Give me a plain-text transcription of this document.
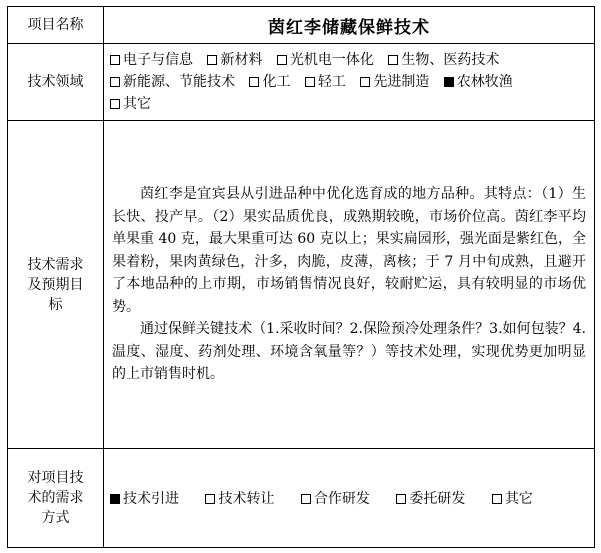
项目名称	茵红李储藏保鲜技术
技术领域	电子与信息 新材料 光机电一体化 生物、医药技术
新能源、节能技术 化工 轻工 先进制造 农林牧渔
其它
技术需求及预期目标	茵红李是宜宾县从引进品种中优化选育成的地方品种。其特点：（1）生长快、投产早。（2）果实品质优良，成熟期较晚，市场价位高。茵红李平均单果重 40 克，最大果重可达 60 克以上；果实扁园形，强光面是紫红色，全果着粉，果肉黄绿色，汁多，肉脆，皮薄，离核；于 7 月中旬成熟，且避开了本地品种的上市期，市场销售情况良好，较耐贮运，具有较明显的市场优势。

通过保鲜关键技术（1.采收时间？2.保险预冷处理条件？3.如何包装？4.温度、湿度、药剂处理、环境含氧量等？）等技术处理，实现优势更加明显的上市销售时机。

对项目技术的需求方式	技术引进 技术转让 合作研发 委托研发 其它
